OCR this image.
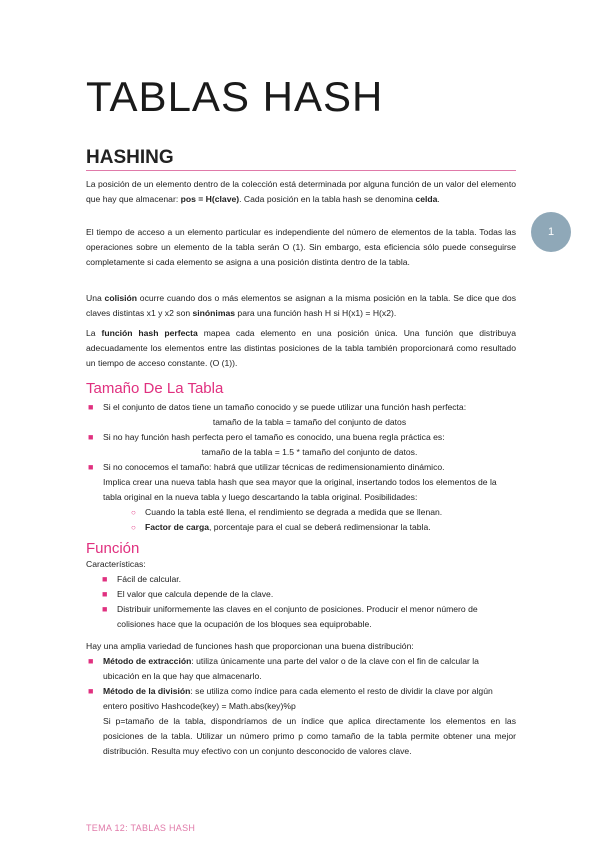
TABLAS HASH
HASHING
1

La posición de un elemento dentro de la colección está determinada por alguna función de un valor del elemento que hay que almacenar: pos = H(clave). Cada posición en la tabla hash se denomina celda.

El tiempo de acceso a un elemento particular es independiente del número de elementos de la tabla. Todas las operaciones sobre un elemento de la tabla serán O (1). Sin embargo, esta eficiencia sólo puede conseguirse completamente si cada elemento se asigna a una posición distinta dentro de la tabla.

Una colisión ocurre cuando dos o más elementos se asignan a la misma posición en la tabla. Se dice que dos claves distintas x1 y x2 son sinónimas para una función hash H si H(x1) = H(x2).

La función hash perfecta mapea cada elemento en una posición única. Una función que distribuya adecuadamente los elementos entre las distintas posiciones de la tabla también proporcionará como resultado un tiempo de acceso constante. (O (1)).

Tamaño De La Tabla
■ Si el conjunto de datos tiene un tamaño conocido y se puede utilizar una función hash perfecta:
tamaño de la tabla = tamaño del conjunto de datos
■ Si no hay función hash perfecta pero el tamaño es conocido, una buena regla práctica es:
tamaño de la tabla = 1.5 * tamaño del conjunto de datos.
■ Si no conocemos el tamaño: habrá que utilizar técnicas de redimensionamiento dinámico.
Implica crear una nueva tabla hash que sea mayor que la original, insertando todos los elementos de la tabla original en la nueva tabla y luego descartando la tabla original. Posibilidades:
○ Cuando la tabla esté llena, el rendimiento se degrada a medida que se llenan.
○ Factor de carga, porcentaje para el cual se deberá redimensionar la tabla.
Función

Características:

■ Fácil de calcular.
■ El valor que calcula depende de la clave.
■ Distribuir uniformemente las claves en el conjunto de posiciones. Producir el menor número de colisiones hace que la ocupación de los bloques sea equiprobable.

Hay una amplia variedad de funciones hash que proporcionan una buena distribución:

■ Método de extracción: utiliza únicamente una parte del valor o de la clave con el fin de calcular la ubicación en la que hay que almacenarlo.
■ Método de la división: se utiliza como índice para cada elemento el resto de dividir la clave por algún entero positivo Hashcode(key) = Math.abs(key)%p
Si p=tamaño de la tabla, dispondríamos de un índice que aplica directamente los elementos en las posiciones de la tabla. Utilizar un número primo p como tamaño de la tabla permite obtener una mejor distribución. Resulta muy efectivo con un conjunto desconocido de valores clave.
TEMA 12: TABLAS HASH
